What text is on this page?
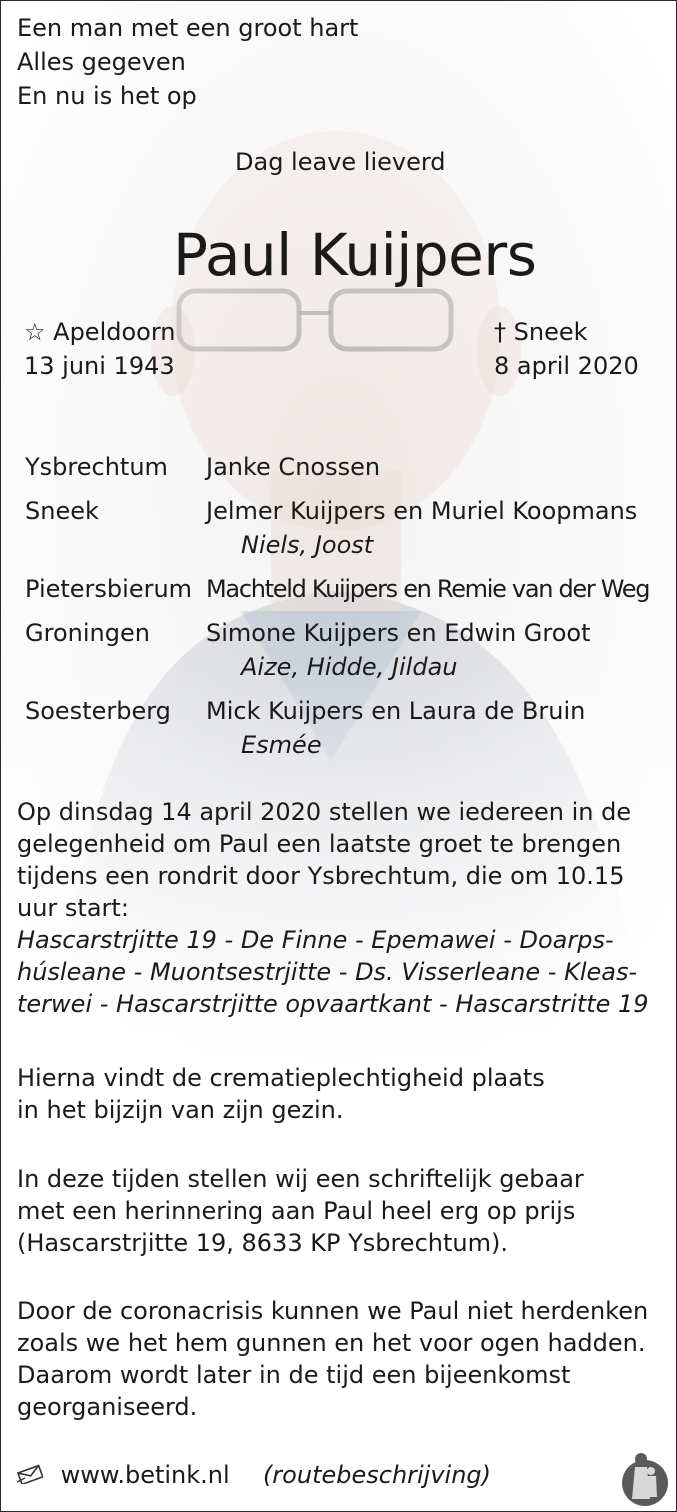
Een man met een groot hart
Alles gegeven
En nu is het op
Dag leave lieverd
Paul Kuijpers
☆ Apeldoorn
13 juni 1943
† Sneek
8 april 2020
Ysbrechtum Janke Cnossen
Sneek	Jelmer Kuijpers en Muriel Koopmans
Niels, Joost
Pietersbierum Machteld Kuijpers en Remie van der Weg
Groningen Simone Kuijpers en Edwin Groot
Aize, Hidde, Jildau
Soesterberg Mick Kuijpers en Laura de Bruin
Esmée
Op dinsdag 14 april 2020 stellen we iedereen in de
gelegenheid om Paul een laatste groet te brengen
tijdens een rondrit door Ysbrechtum, die om 10.15
uur start:
Hascarstrjitte 19 - De Finne - Epemawei - Doarps-
húsleane - Muontsestrjitte - Ds. Visserleane - Kleas-
terwei - Hascarstrjitte opvaartkant - Hascarstritte 19
Hierna vindt de crematieplechtigheid plaats
in het bijzijn van zijn gezin.
In deze tijden stellen wij een schriftelijk gebaar
met een herinnering aan Paul heel erg op prijs
(Hascarstrjitte 19, 8633 KP Ysbrechtum).
Door de coronacrisis kunnen we Paul niet herdenken
zoals we het hem gunnen en het voor ogen hadden.
Daarom wordt later in de tijd een bijeenkomst
georganiseerd.
www.betink.nl (routebeschrijving)
